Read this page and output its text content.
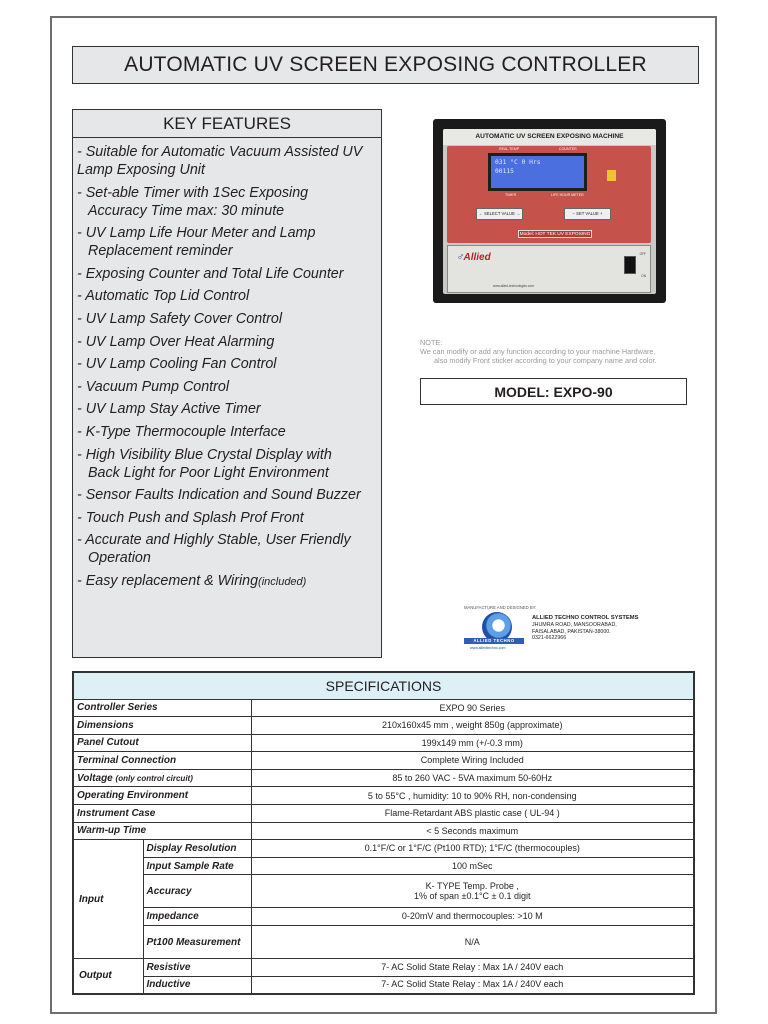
AUTOMATIC UV SCREEN EXPOSING CONTROLLER
KEY FEATURES
- Suitable for Automatic Vacuum Assisted UV
Lamp Exposing Unit
- Set-able Timer with 1Sec Exposing
Accuracy Time max: 30 minute
- UV Lamp Life Hour Meter and Lamp
Replacement reminder
- Exposing Counter and Total Life Counter
- Automatic Top Lid Control
- UV Lamp Safety Cover Control
- UV Lamp Over Heat Alarming
- UV Lamp Cooling Fan Control
- Vacuum Pump Control
- UV Lamp Stay Active Timer
- K-Type Thermocouple Interface
- High Visibility Blue Crystal Display with
Back Light for Poor Light Environment
- Sensor Faults Indication and Sound Buzzer
- Touch Push and Splash Prof Front
- Accurate and Highly Stable, User Friendly
Operation
- Easy replacement & Wiring(included)
AUTOMATIC UV SCREEN EXPOSING MACHINE
REAL TEMP	COUNTER
031 °C 0 Hrs
00115
TIMER	LIFE HOUR METER
← SELECT VALUE →	− SET VALUE +
Model: HOT TEK UV EXPOSING
♂Allied
www.allied-technologies.com
OFF
ON
NOTE:
We can modify or add any function according to your machine Hardware,
also modify Front sticker according to your company name and color.
MODEL: EXPO-90
MANUFACTURE AND DESIGNED BY:
ALLIED TECHNO
www.alliedtechno.com
ALLIED TECHNO CONTROL SYSTEMS
JHUMRA ROAD, MANSOORABAD,
FAISALABAD, PAKISTAN-38000.
0321-6622966
SPECIFICATIONS		
Controller Series		EXPO 90 Series
Dimensions		210x160x45 mm , weight 850g (approximate)
Panel Cutout		199x149 mm (+/-0.3 mm)
Terminal Connection		Complete Wiring Included
Voltage (only control circuit)		85 to 260 VAC - 5VA maximum 50-60Hz
Operating Environment		5 to 55°C , humidity: 10 to 90% RH, non-condensing
Instrument Case		Flame-Retardant ABS plastic case ( UL-94 )
Warm-up Time		< 5 Seconds maximum
Input	Display Resolution	0.1°F/C or 1°F/C (Pt100 RTD); 1°F/C (thermocouples)
	Input Sample Rate	100 mSec
	Accuracy	K- TYPE Temp. Probe ,
1% of span ±0.1°C ± 0.1 digit

	Impedance	0-20mV and thermocouples: >10 M
	Pt100 Measurement	N/A
Output	Resistive	7- AC Solid State Relay : Max 1A / 240V each
	Inductive	7- AC Solid State Relay : Max 1A / 240V each
